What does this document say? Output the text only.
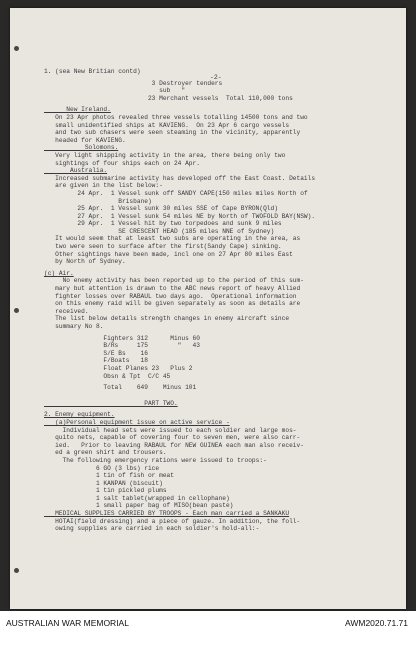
-2-
1. (sea New Britian contd)
3 Destroyer tenders
sub   "
23 Merchant vessels  Total 110,000 tons
New Ireland.
On 23 Apr photos revealed three vessels totalling 14500 tons and two
small unidentified ships at KAVIENG.  On 23 Apr 6 cargo vessels
and two sub chasers were seen steaming in the vicinity, apparently
headed for KAVIENG.
Solomons.
Very light shipping activity in the area, there being only two
sightings of four ships each on 24 Apr.
Australia.
Increased submarine activity has developed off the East Coast. Details
are given in the list below:-
24 Apr.  1 Vessel sunk off SANDY CAPE(150 miles miles North of
Brisbane)
25 Apr.  1 Vessel sunk 30 miles SSE of Cape BYRON(Qld)
27 Apr.  1 Vessel sunk 54 miles NE by North of TWOFOLD BAY(NSW).
29 Apr.  1 Vessel hit by two torpedoes and sunk 9 miles
SE CRESCENT HEAD (185 miles NNE of Sydney)
It would seem that at least two subs are operating in the area, as
two were seen to surface after the first(Sandy Cape) sinking.
Other sightings have been made, incl one on 27 Apr 80 miles East
by North of Sydney.
(c) Air.
No enemy activity has been reported up to the period of this sum-
mary but attention is drawn to the ABC news report of heavy Allied
fighter losses over RABAUL two days ago.  Operational information
on this enemy raid will be given separately as soon as details are
received.
The list below details strength changes in enemy aircraft since
summary No 8.
Fighters 312      Minus 60
B/Rs     175        "   43
S/E Bs    16
F/Boats   18
Float Planes 23   Plus 2
Obsn & Tpt  C/C 45
Total    649    Minus 101
PART TWO.
2. Enemy equipment.
(a)Personal equipment issue on active service -
Individual head sets were issued to each soldier and large mos-
quito nets, capable of covering four to seven men, were also carr-
ied.   Prior to leaving RABAUL for NEW GUINEA each man also receiv-
ed a green shirt and trousers.
The following emergency rations were issued to troops:-
6 GO (3 lbs) rice
1 tin of fish or meat
1 KANPAN (biscuit)
1 tin pickled plums
1 salt tablet(wrapped in cellophane)
1 small paper bag of MISO(bean paste)
MEDICAL SUPPLIES CARRIED BY TROOPS - Each man carried a SANKAKU
HOTAI(field dressing) and a piece of gauze. In addition, the foll-
owing supplies are carried in each soldier's hold-all:-
AUSTRALIAN WAR MEMORIAL	AWM2020.71.71
